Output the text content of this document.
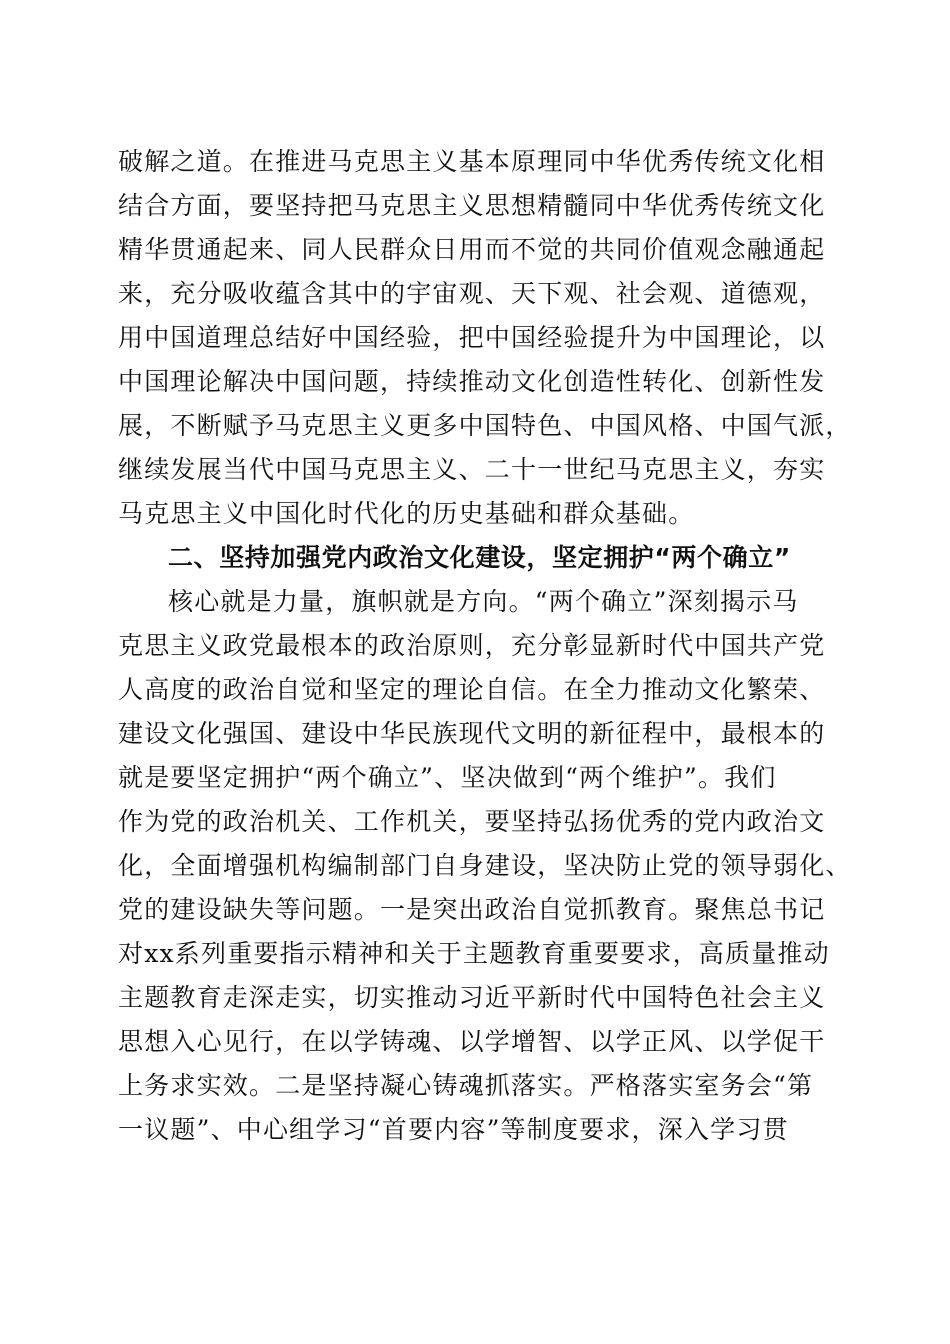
破解之道。在推进马克思主义基本原理同中华优秀传统文化相
结合方面，要坚持把马克思主义思想精髓同中华优秀传统文化
精华贯通起来、同人民群众日用而不觉的共同价值观念融通起
来，充分吸收蕴含其中的宇宙观、天下观、社会观、道德观，
用中国道理总结好中国经验，把中国经验提升为中国理论，以
中国理论解决中国问题，持续推动文化创造性转化、创新性发
展，不断赋予马克思主义更多中国特色、中国风格、中国气派，
继续发展当代中国马克思主义、二十一世纪马克思主义，夯实
马克思主义中国化时代化的历史基础和群众基础。
二、坚持加强党内政治文化建设，坚定拥护“两个确立”
核心就是力量，旗帜就是方向。“两个确立”深刻揭示马
克思主义政党最根本的政治原则，充分彰显新时代中国共产党
人高度的政治自觉和坚定的理论自信。在全力推动文化繁荣、
建设文化强国、建设中华民族现代文明的新征程中，最根本的
就是要坚定拥护“两个确立”、坚决做到“两个维护”。我们
作为党的政治机关、工作机关，要坚持弘扬优秀的党内政治文
化，全面增强机构编制部门自身建设，坚决防止党的领导弱化、
党的建设缺失等问题。一是突出政治自觉抓教育。聚焦总书记
对xx系列重要指示精神和关于主题教育重要要求，高质量推动
主题教育走深走实，切实推动习近平新时代中国特色社会主义
思想入心见行，在以学铸魂、以学增智、以学正风、以学促干
上务求实效。二是坚持凝心铸魂抓落实。严格落实室务会“第
一议题”、中心组学习“首要内容”等制度要求，深入学习贯
